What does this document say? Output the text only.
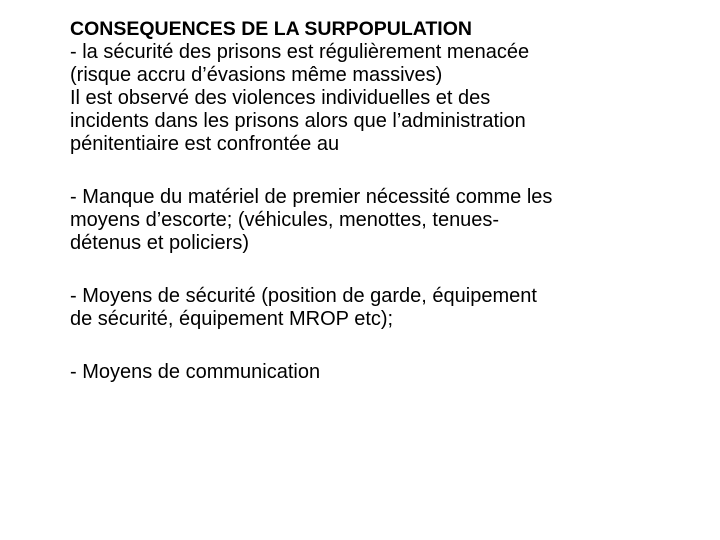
CONSEQUENCES DE LA SURPOPULATION
- la sécurité des prisons est régulièrement menacée
(risque accru d’évasions même massives)
Il est observé des violences individuelles et des
incidents dans les prisons alors que l’administration
pénitentiaire est confrontée au
- Manque du matériel de premier nécessité comme les
moyens d’escorte; (véhicules, menottes, tenues-
détenus et policiers)
- Moyens de sécurité (position de garde, équipement
de sécurité, équipement MROP etc);
- Moyens de communication
